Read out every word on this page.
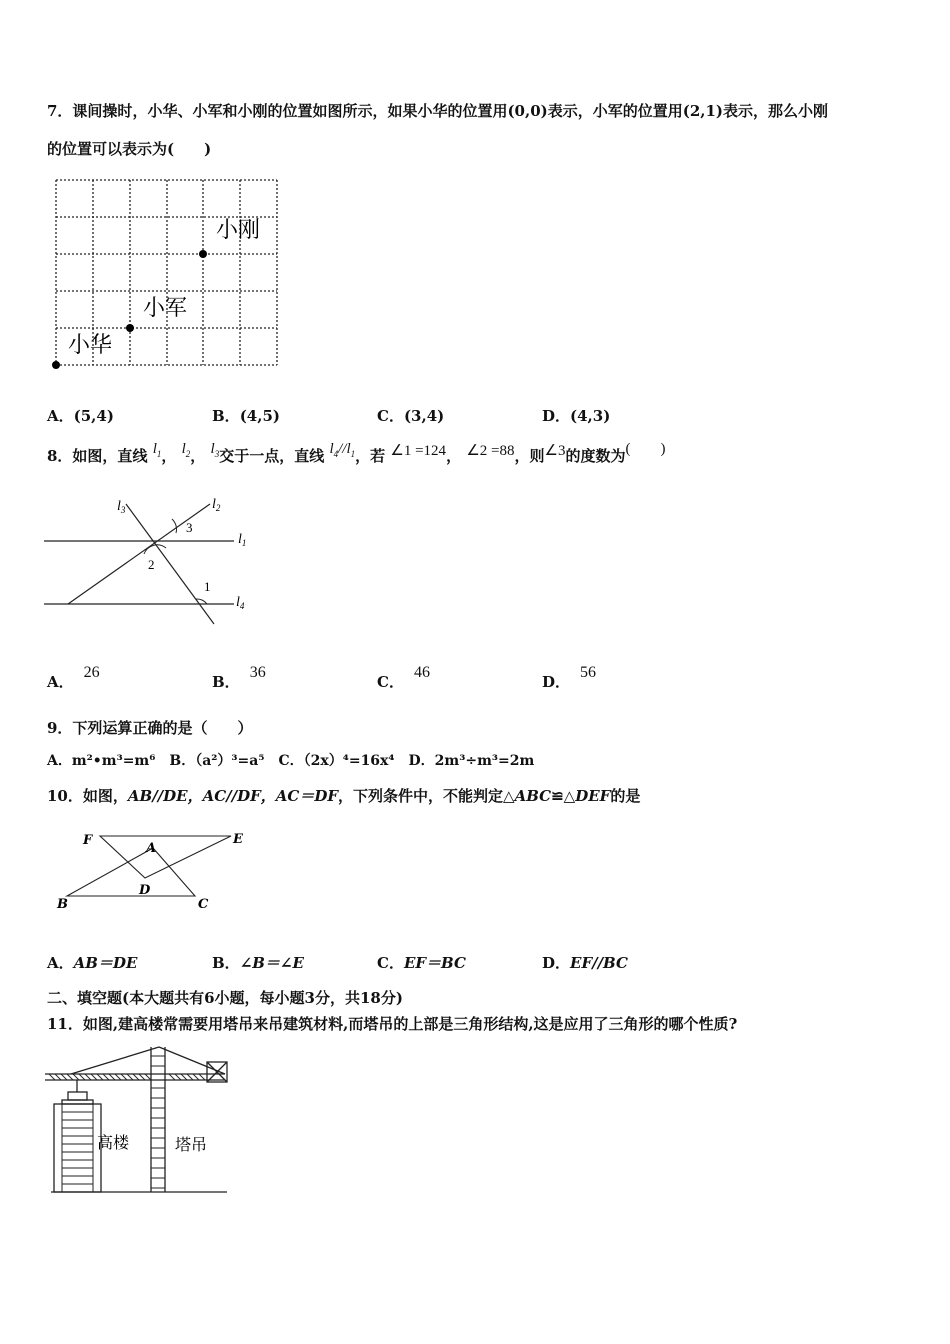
7．课间操时，小华、小军和小刚的位置如图所示，如果小华的位置用(0,0)表示，小军的位置用(2,1)表示，那么小刚
的位置可以表示为(　　)
小刚
小军
小华
A．(5,4)	B．(4,5)	C．(3,4)	D．(4,3)
8．如图，直线 $l_1$， $l_2$， $l_3$交于一点，直线 $l_4//l_1$，若 ∠1 =124， ∠2 =88，则∠3的度数为(　　)
$l_3$	$l_2$
$l_1$
$l_4$
3
2
1
A．26
B．36
C．46
D．56
9．下列运算正确的是（　　）
A．m²•m³=m⁶　B．（a²）³=a⁵　C．（2x）⁴=16x⁴　D．2m³÷m³=2m
10．如图，AB//DE，AC//DF，AC＝DF，下列条件中，不能判定△ABC≌△DEF的是
F
A
E
D
B	C
A．AB＝DE	B．∠B＝∠E	C．EF＝BC	D．EF//BC
二、填空题(本大题共有6小题，每小题3分，共18分)
11．如图,建高楼常需要用塔吊来吊建筑材料,而塔吊的上部是三角形结构,这是应用了三角形的哪个性质?
高楼	塔吊
